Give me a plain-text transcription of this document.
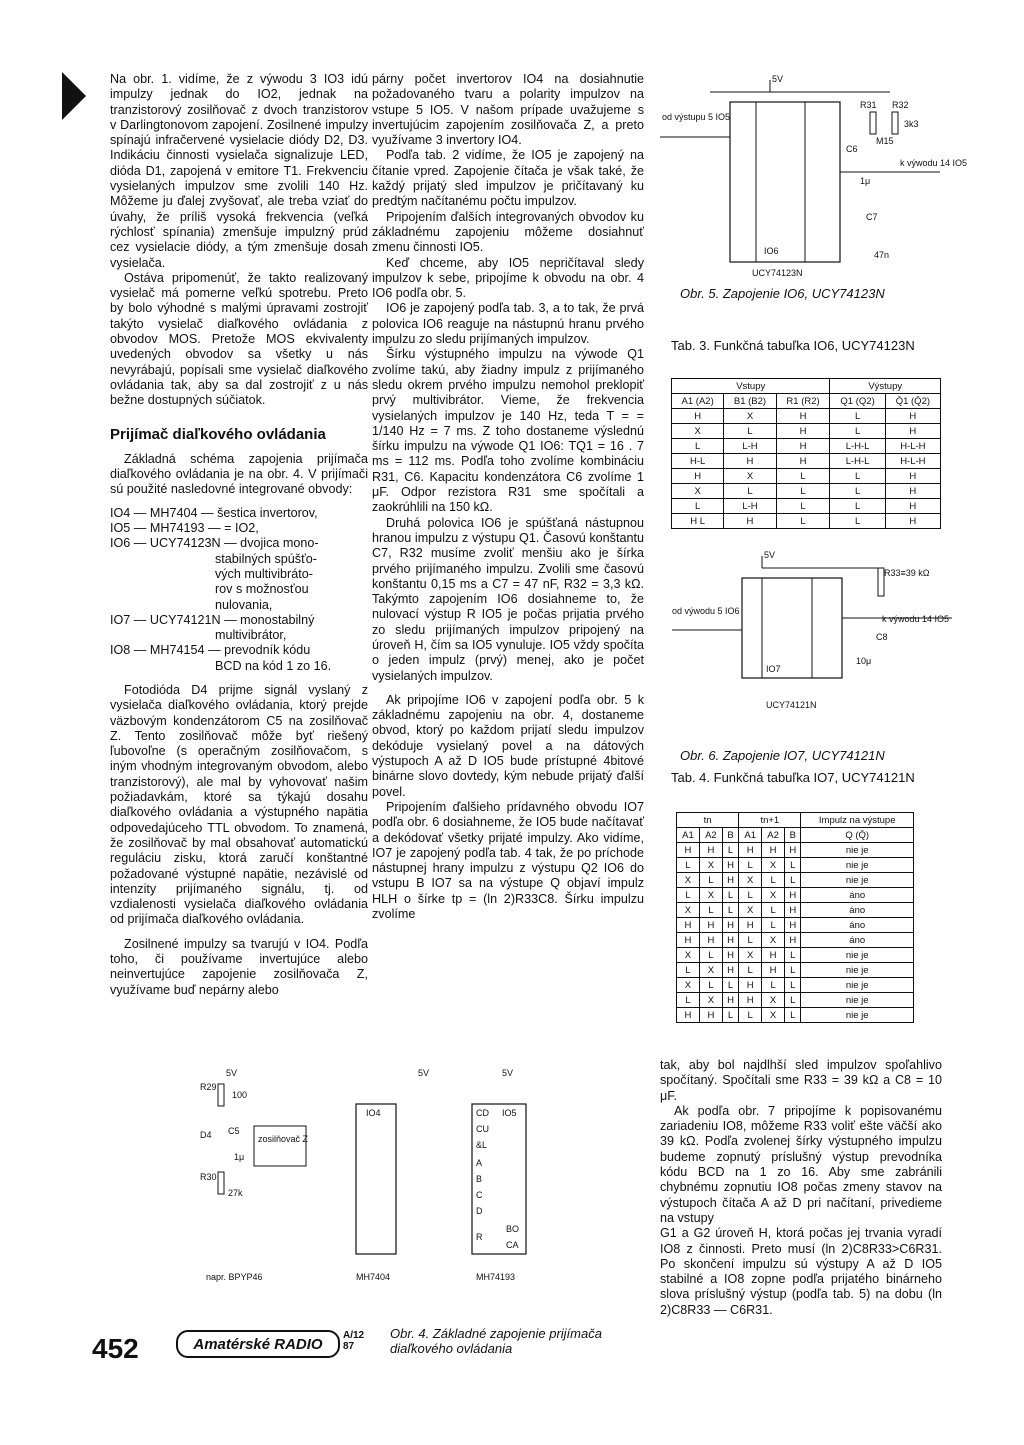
Na obr. 1. vidíme, že z výwodu 3 IO3 idú impulzy jednak do IO2, jednak na tranzistorový zosilňovač z dvoch tranzistorov v Darlingtonovom zapojení. Zosilnené impulzy spínajú infračervené vysielacie diódy D2, D3. Indikáciu činnosti vysielača signalizuje LED, dióda D1, zapojená v emitore T1. Frekvenciu vysielaných impulzov sme zvolili 140 Hz. Môžeme ju ďalej zvyšovať, ale treba vziať do úvahy, že príliš vysoká frekvencia (veľká rýchlosť spínania) zmenšuje impulzný prúd cez vysielacie diódy, a tým zmenšuje dosah vysielača.

Ostáva pripomenúť, že takto realizovaný vysielač má pomerne veľkú spotrebu. Preto by bolo výhodné s malými úpravami zostrojiť takýto vysielač diaľkového ovládania z obvodov MOS. Pretože MOS ekvivalenty uvedených obvodov sa všetky u nás nevyrábajú, popísali sme vysielač diaľkového ovládania tak, aby sa dal zostrojiť z u nás bežne dostupných súčiatok.

Prijímač diaľkového ovládania

Základná schéma zapojenia prijímača diaľkového ovládania je na obr. 4. V prijímači sú použité nasledovné integrované obvody:

IO4 — MH7404 — šestica invertorov,
IO5 — MH74193 — = IO2,
IO6 — UCY74123N — dvojica mono-
stabilných spúšťo-
vých multivibráto-
rov s možnosťou
nulovania,
IO7 — UCY74121N — monostabilný
multivibrátor,
IO8 — MH74154 — prevodník kódu
BCD na kód 1 zo 16.

Fotodióda D4 prijme signál vyslaný z vysielača diaľkového ovládania, ktorý prejde väzbovým kondenzátorom C5 na zosilňovač Z. Tento zosilňovač môže byť riešený ľubovoľne (s operačným zosilňovačom, s iným vhodným integrovaným obvodom, alebo tranzistorový), ale mal by vyhovovať našim požiadavkám, ktoré sa týkajú dosahu diaľkového ovládania a výstupného napätia odpovedajúceho TTL obvodom. To znamená, že zosilňovač by mal obsahovať automatickú reguláciu zisku, ktorá zaručí konštantné požadované výstupné napätie, nezávislé od intenzity prijímaného signálu, tj. od vzdialenosti vysielača diaľkového ovládania od prijímača diaľkového ovládania.

Zosilnené impulzy sa tvarujú v IO4. Podľa toho, či používame invertujúce alebo neinvertujúce zapojenie zosilňovača Z, využívame buď nepárny alebo

párny počet invertorov IO4 na dosiahnutie požadovaného tvaru a polarity impulzov na vstupe 5 IO5. V našom prípade uvažujeme s invertujúcim zapojením zosilňovača Z, a preto využívame 3 invertory IO4.

Podľa tab. 2 vidíme, že IO5 je zapojený na čítanie vpred. Zapojenie čítača je však také, že každý prijatý sled impulzov je pričítavaný ku predtým načítanému počtu impulzov.

Pripojením ďalších integrovaných obvodov ku základnému zapojeniu môžeme dosiahnuť zmenu činnosti IO5.

Keď chceme, aby IO5 nepričítaval sledy impulzov k sebe, pripojíme k obvodu na obr. 4 IO6 podľa obr. 5.

IO6 je zapojený podľa tab. 3, a to tak, že prvá polovica IO6 reaguje na nástupnú hranu prvého impulzu zo sledu prijímaných impulzov.

Šírku výstupného impulzu na výwode Q1 zvolíme takú, aby žiadny impulz z prijímaného sledu okrem prvého impulzu nemohol preklopiť prvý multivibrátor. Vieme, že frekvencia vysielaných impulzov je 140 Hz, teda T = = 1/140 Hz = 7 ms. Z toho dostaneme výslednú šírku impulzu na výwode Q1 IO6: TQ1 = 16 . 7 ms = 112 ms. Podľa toho zvolíme kombináciu R31, C6. Kapacitu kondenzátora C6 zvolíme 1 μF. Odpor rezistora R31 sme spočítali a zaokrúhlili na 150 kΩ.

Druhá polovica IO6 je spúšťaná nástupnou hranou impulzu z výstupu Q1. Časovú konštantu C7, R32 musíme zvoliť menšiu ako je šírka prvého prijímaného impulzu. Zvolili sme časovú konštantu 0,15 ms a C7 = 47 nF, R32 = 3,3 kΩ. Takýmto zapojením IO6 dosiahneme to, že nulovací výstup R IO5 je počas prijatia prvého zo sledu prijímaných impulzov pripojený na úroveň H, čím sa IO5 vynuluje. IO5 vždy spočíta o jeden impulz (prvý) menej, ako je počet vysielaných impulzov.

Ak pripojíme IO6 v zapojení podľa obr. 5 k základnému zapojeniu na obr. 4, dostaneme obvod, ktorý po každom prijatí sledu impulzov dekóduje vysielaný povel a na dátových výstupoch A až D IO5 bude prístupné 4bitové binárne slovo dovtedy, kým nebude prijatý ďalší povel.

Pripojením ďalšieho prídavného obvodu IO7 podľa obr. 6 dosiahneme, že IO5 bude načítavať a dekódovať všetky prijaté impulzy. Ako vidíme, IO7 je zapojený podľa tab. 4 tak, že po príchode nástupnej hrany impulzu z výstupu Q2 IO6 do vstupu B IO7 sa na výstupe Q objaví impulz HLH o šírke tp = (ln 2)R33C8. Šírku impulzu zvolíme

5V
od výstupu 5 IO5
R31 R32
3k3
M15
C6
1μ
C7
47n
k výwodu 14 IO5
IO6
UCY74123N
Obr. 5. Zapojenie IO6, UCY74123N
Tab. 3. Funkčná tabuľka IO6, UCY74123N
Vstupy			Výstupy	
A1 (A2)	B1 (B2)	R1 (R2)	Q1 (Q2)	Q̄1 (Q̄2)
H	X	H	L	H
X	L	H	L	H
L	L-H	H	L-H-L	H-L-H
H-L	H	H	L-H-L	H-L-H
H	X	L	L	H
X	L	L	L	H
L	L-H	L	L	H
H L	H	L	L	H
5V
R33≡39 kΩ
od výwodu 5 IO6
C8
10μ
k výwodu 14 IO5
IO7
UCY74121N
Obr. 6. Zapojenie IO7, UCY74121N
Tab. 4. Funkčná tabuľka IO7, UCY74121N
tn			tn+1			Impulz na výstupe
A1	A2	B	A1	A2	B	Q (Q̄)
H	H	L	H	H	H	nie je
L	X	H	L	X	L	nie je
X	L	H	X	L	L	nie je
L	X	L	L	X	H	áno
X	L	L	X	L	H	áno
H	H	H	H	L	H	áno
H	H	H	L	X	H	áno
X	L	H	X	H	L	nie je
L	X	H	L	H	L	nie je
X	L	L	H	L	L	nie je
L	X	H	H	X	L	nie je
H	H	L	L	X	L	nie je

tak, aby bol najdlhší sled impulzov spoľahlivo spočítaný. Spočítali sme R33 = 39 kΩ a C8 = 10 μF.

Ak podľa obr. 7 pripojíme k popisovanému zariadeniu IO8, môžeme R33 voliť ešte väčší ako 39 kΩ. Podľa zvolenej šírky výstupného impulzu budeme zopnutý príslušný výstup prevodníka kódu BCD na 1 zo 16. Aby sme zabránili chybnému zopnutiu IO8 počas zmeny stavov na výstupoch čítača A až D pri načítaní, privedieme na vstupy

G1 a G2 úroveň H, ktorá počas jej trvania vyradí IO8 z činnosti. Preto musí (ln 2)C8R33>C6R31. Po skončení impulzu sú výstupy A až D IO5 stabilné a IO8 zopne podľa prijatého binárneho slova príslušný výstup (podľa tab. 5) na dobu (ln 2)C8R33 — C6R31.

5V	5V	5V
R29
100
D4 C5
1μ
zosilňovač Z
R30
27k
IO4	CD IO5
CU
&L
A
B
C
D
R
BO
CA
napr. BPYP46	MH7404	MH74193
Obr. 4. Základné zapojenie prijímača diaľkového ovládania
452	Amatérské RADIO	A/12
87
